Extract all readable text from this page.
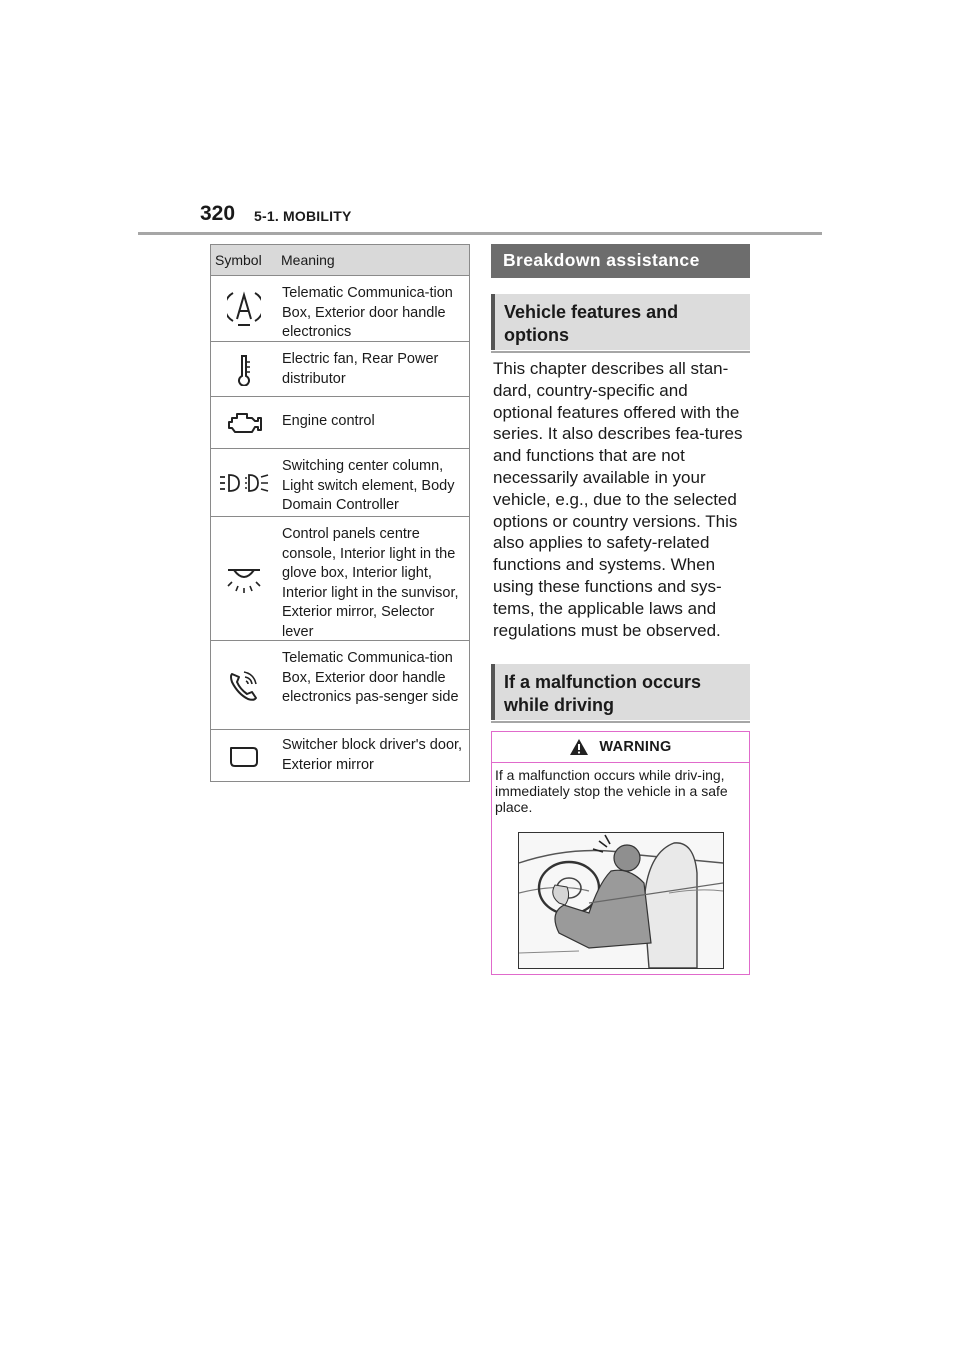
320 5-1. MOBILITY
Symbol	Meaning
Telematic Communica-tion Box, Exterior door handle electronics
Electric fan, Rear Power distributor
Engine control
Switching center column, Light switch element, Body Domain Controller
Control panels centre console, Interior light in the glove box, Interior light, Interior light in the sunvisor, Exterior mirror, Selector lever
Telematic Communica-tion Box, Exterior door handle electronics pas-senger side
Switcher block driver's door, Exterior mirror
Breakdown assistance
Vehicle features and options
This chapter describes all stan-dard, country-specific and optional features offered with the series. It also describes fea-tures and functions that are not necessarily available in your vehicle, e.g., due to the selected options or country versions. This also applies to safety-related functions and systems. When using these functions and sys-tems, the applicable laws and regulations must be observed.
If a malfunction occurs while driving
WARNING
If a malfunction occurs while driv-ing, immediately stop the vehicle in a safe place.
